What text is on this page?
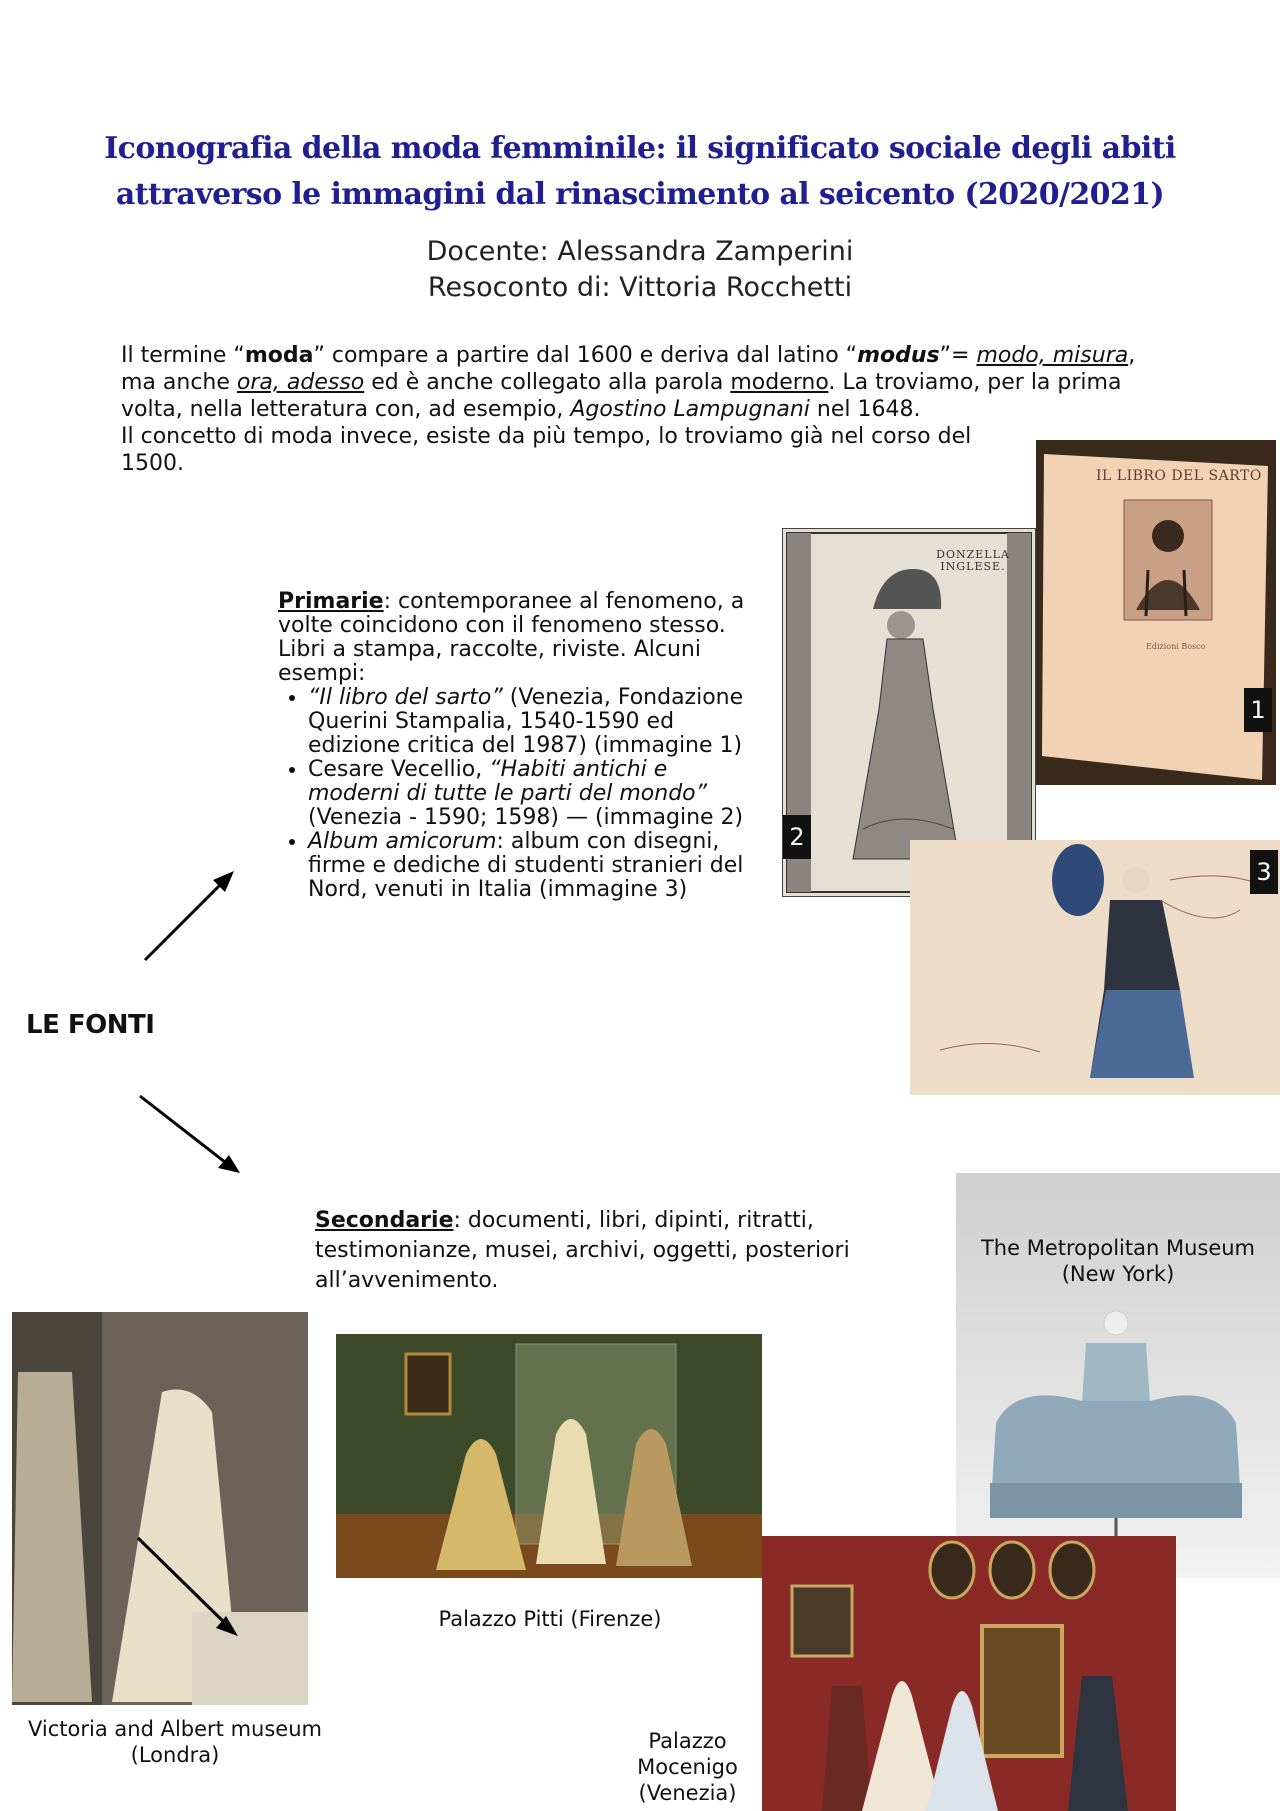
Iconografia della moda femminile: il significato sociale degli abiti
attraverso le immagini dal rinascimento al seicento (2020/2021)
Docente: Alessandra Zamperini
Resoconto di: Vittoria Rocchetti

Il termine “moda” compare a partire dal 1600 e deriva dal latino “modus”= modo, misura, ma anche ora, adesso ed è anche collegato alla parola moderno. La troviamo, per la prima volta, nella letteratura con, ad esempio, Agostino Lampugnani nel 1648.

Il concetto di moda invece, esiste da più tempo, lo troviamo già nel corso del 1500.

Primarie: contemporanee al fenomeno, a volte coincidono con il fenomeno stesso. Libri a stampa, raccolte, riviste. Alcuni esempi:

• “Il libro del sarto” (Venezia, Fondazione Querini Stampalia, 1540-1590 ed edizione critica del 1987) (immagine 1)
• Cesare Vecellio, “Habiti antichi e moderni di tutte le parti del mondo” (Venezia - 1590; 1598) — (immagine 2)
• Album amicorum: album con disegni, firme e dediche di studenti stranieri del Nord, venuti in Italia (immagine 3)
LE FONTI
IL LIBRO DEL SARTO
Edizioni Bosco
1
DONZELLA
INGLESE.
2
3
Secondarie: documenti, libri, dipinti, ritratti, testimonianze, musei, archivi, oggetti, posteriori all’avvenimento.
The Metropolitan Museum
(New York)
Victoria and Albert museum
(Londra)
Palazzo Pitti (Firenze)
Palazzo
Mocenigo
(Venezia)
